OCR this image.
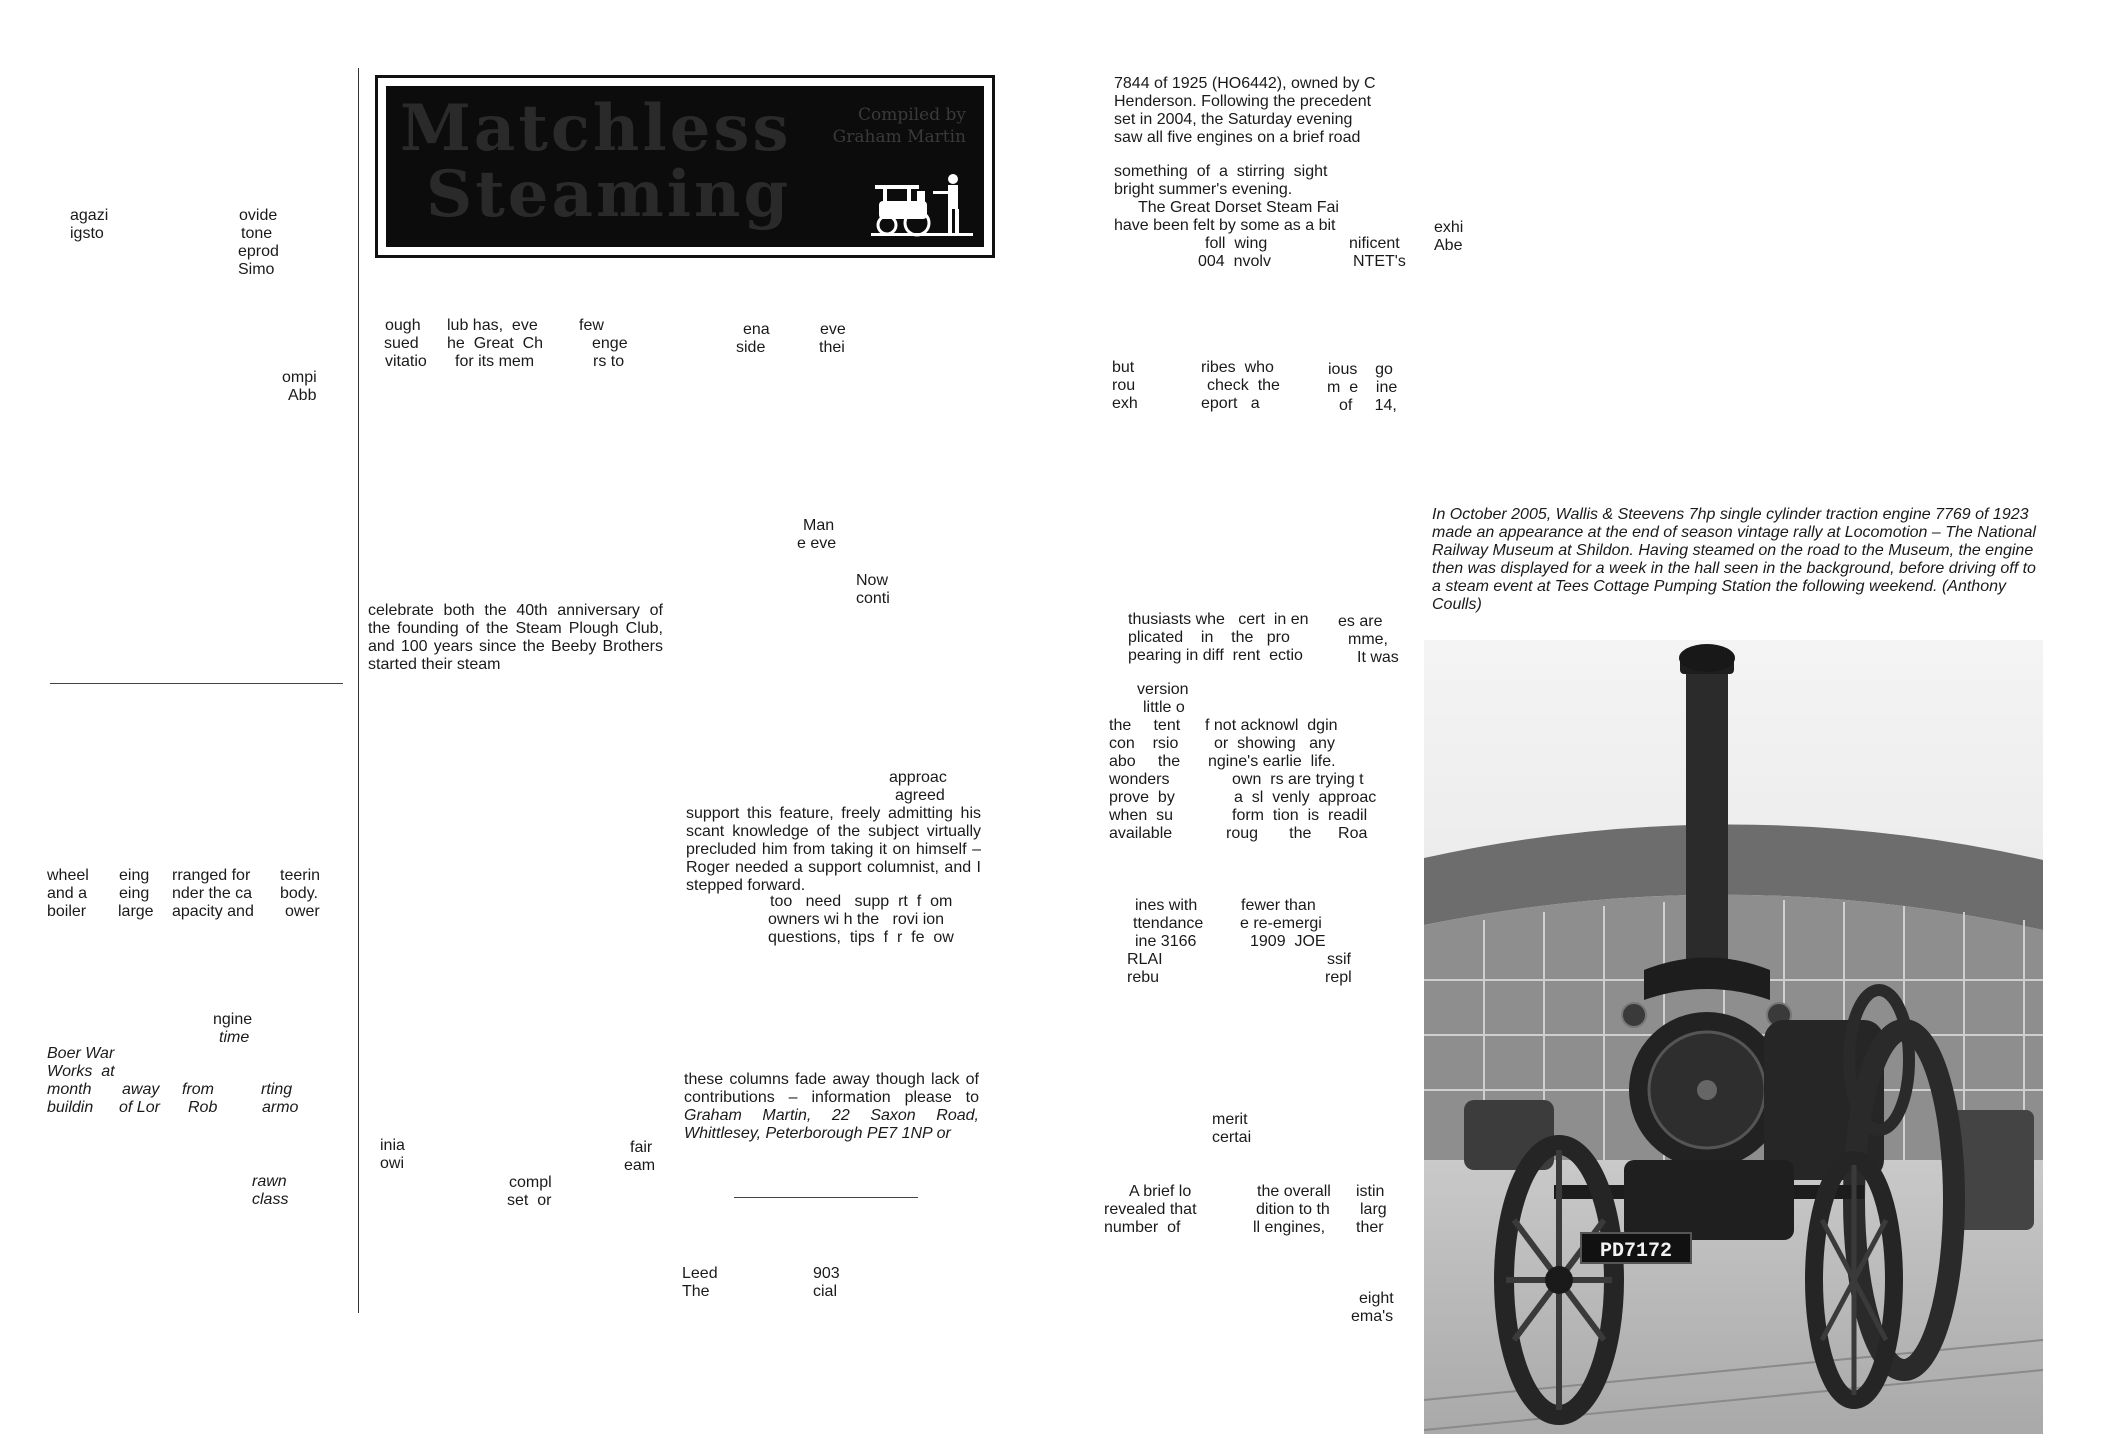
agazi
igsto
ovide
tone
eprod
Simo
ompi
Abb
wheel
and a
boiler
eing
eing
large
rranged for
nder the ca
apacity and
teerin
body.
ower
ngine
time
Boer War
Works  at
month
buildin
away
of Lor
from
Rob
rting
armo
rawn
class
Matchless
Steaming
Compiled by
Graham Martin
ough
sued
vitatio
lub has,  eve
he  Great  Ch
for its mem
few
enge
rs to
celebrate both the 40th anniversary of the founding of the Steam Plough Club, and 100 years since the Beeby Brothers started their steam
inia
owi
fair
eam
compl
set  or
ena
side
eve
thei
Man
e eve
Now
conti
approac
agreed
support this feature, freely admitting his scant knowledge of the subject virtually precluded him from taking it on himself – Roger needed a support columnist, and I stepped forward.
too   need   supp  rt  f  om
owners wi h the   rovi ion
questions,  tips  f  r  fe  ow
these columns fade away though lack of contributions – information please to Graham Martin, 22 Saxon Road, Whittlesey, Peterborough PE7 1NP or
Leed
The
903
cial
7844 of 1925 (HO6442), owned by C
Henderson. Following the precedent
set in 2004, the Saturday evening
saw all five engines on a brief road
something  of  a  stirring  sight
bright summer's evening.
The Great Dorset Steam Fai
have been felt by some as a bit
foll  wing
004  nvolv
nificent
NTET's
exhi
Abe
but
rou
exh
ribes  who
check  the
eport   a
ious    go
m  e    ine
of     14,
thusiasts whe   cert  in en
plicated    in    the   pro
pearing in diff  rent  ectio
es are
mme,
It was
version
little o
the     tent
con    rsio
abo     the
wonders
prove  by
when  su
available
f not acknowl  dgin
or  showing   any
ngine's earlie  life.
own  rs are trying t
a  sl  venly  approac
form  tion  is  readil
roug       the      Roa
ines with
ttendance
ine 3166
RLAI
rebu
fewer than
e re-emergi
1909  JOE
ssif
repl
merit
certai
A brief lo
revealed that
number  of
the overall
dition to th
ll engines,
istin
larg
ther
eight
ema's
In October 2005, Wallis & Steevens 7hp single cylinder traction engine 7769 of 1923 made an appearance at the end of season vintage rally at Locomotion – The National Railway Museum at Shildon. Having steamed on the road to the Museum, the engine then was displayed for a week in the hall seen in the background, before driving off to a steam event at Tees Cottage Pumping Station the following weekend. (Anthony Coulls)
PD7172
